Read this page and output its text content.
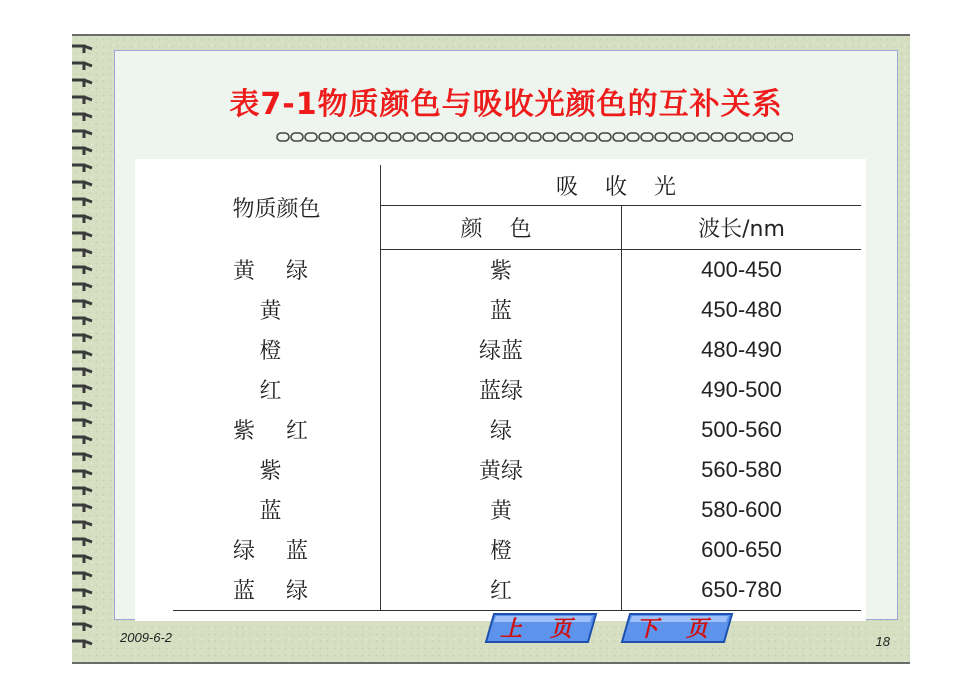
表7-1物质颜色与吸收光颜色的互补关系
物质颜色	吸 收 光	
	颜 色	波长/nm
黄 绿	紫	400-450
黄	蓝	450-480
橙	绿蓝	480-490
红	蓝绿	490-500
紫 红	绿	500-560
紫	黄绿	560-580
蓝	黄	580-600
绿 蓝	橙	600-650
蓝 绿	红	650-780
2009-6-2	上 页	下 页	18
